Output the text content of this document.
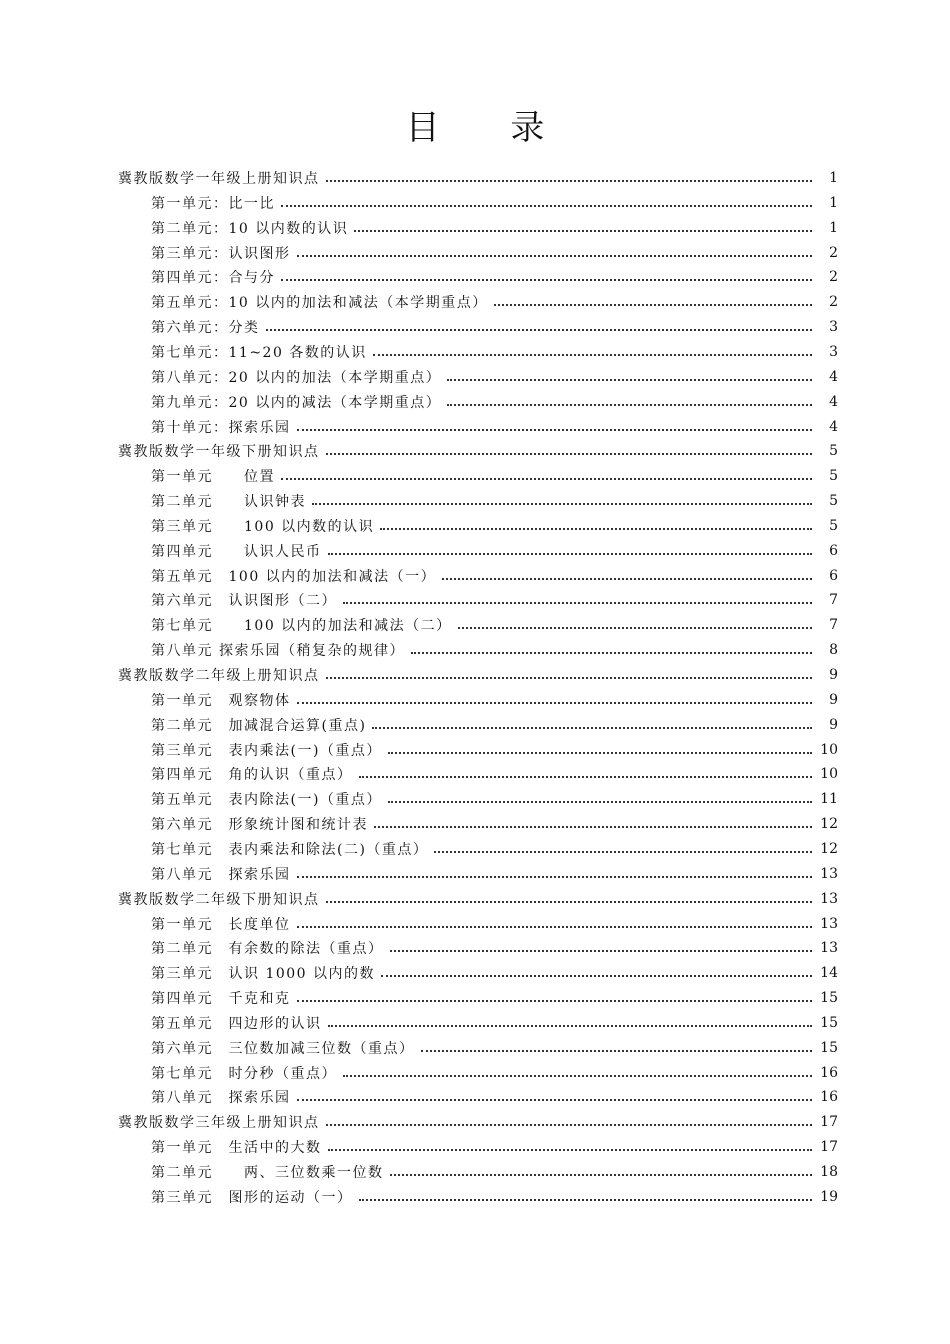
目 录
冀教版数学一年级上册知识点	1
第一单元：比一比	1
第二单元：10 以内数的认识	1
第三单元：认识图形	2
第四单元：合与分	2
第五单元：10 以内的加法和减法（本学期重点）	2
第六单元：分类	3
第七单元：11~20 各数的认识	3
第八单元：20 以内的加法（本学期重点）	4
第九单元：20 以内的减法（本学期重点）	4
第十单元：探索乐园	4
冀教版数学一年级下册知识点	5
第一单元　　位置	5
第二单元　　认识钟表	5
第三单元　　100 以内数的认识	5
第四单元　　认识人民币	6
第五单元　100 以内的加法和减法（一）	6
第六单元　认识图形（二）	7
第七单元　　100 以内的加法和减法（二）	7
第八单元 探索乐园（稍复杂的规律）	8
冀教版数学二年级上册知识点	9
第一单元　观察物体	9
第二单元　加减混合运算(重点)	9
第三单元　表内乘法(一)（重点）	10
第四单元　角的认识（重点）	10
第五单元　表内除法(一)（重点）	11
第六单元　形象统计图和统计表	12
第七单元　表内乘法和除法(二)（重点）	12
第八单元　探索乐园	13
冀教版数学二年级下册知识点	13
第一单元　长度单位	13
第二单元　有余数的除法（重点）	13
第三单元　认识 1000 以内的数	14
第四单元　千克和克	15
第五单元　四边形的认识	15
第六单元　三位数加减三位数（重点）	15
第七单元　时分秒（重点）	16
第八单元　探索乐园	16
冀教版数学三年级上册知识点	17
第一单元　生活中的大数	17
第二单元　　两、三位数乘一位数	18
第三单元　图形的运动（一）	19
